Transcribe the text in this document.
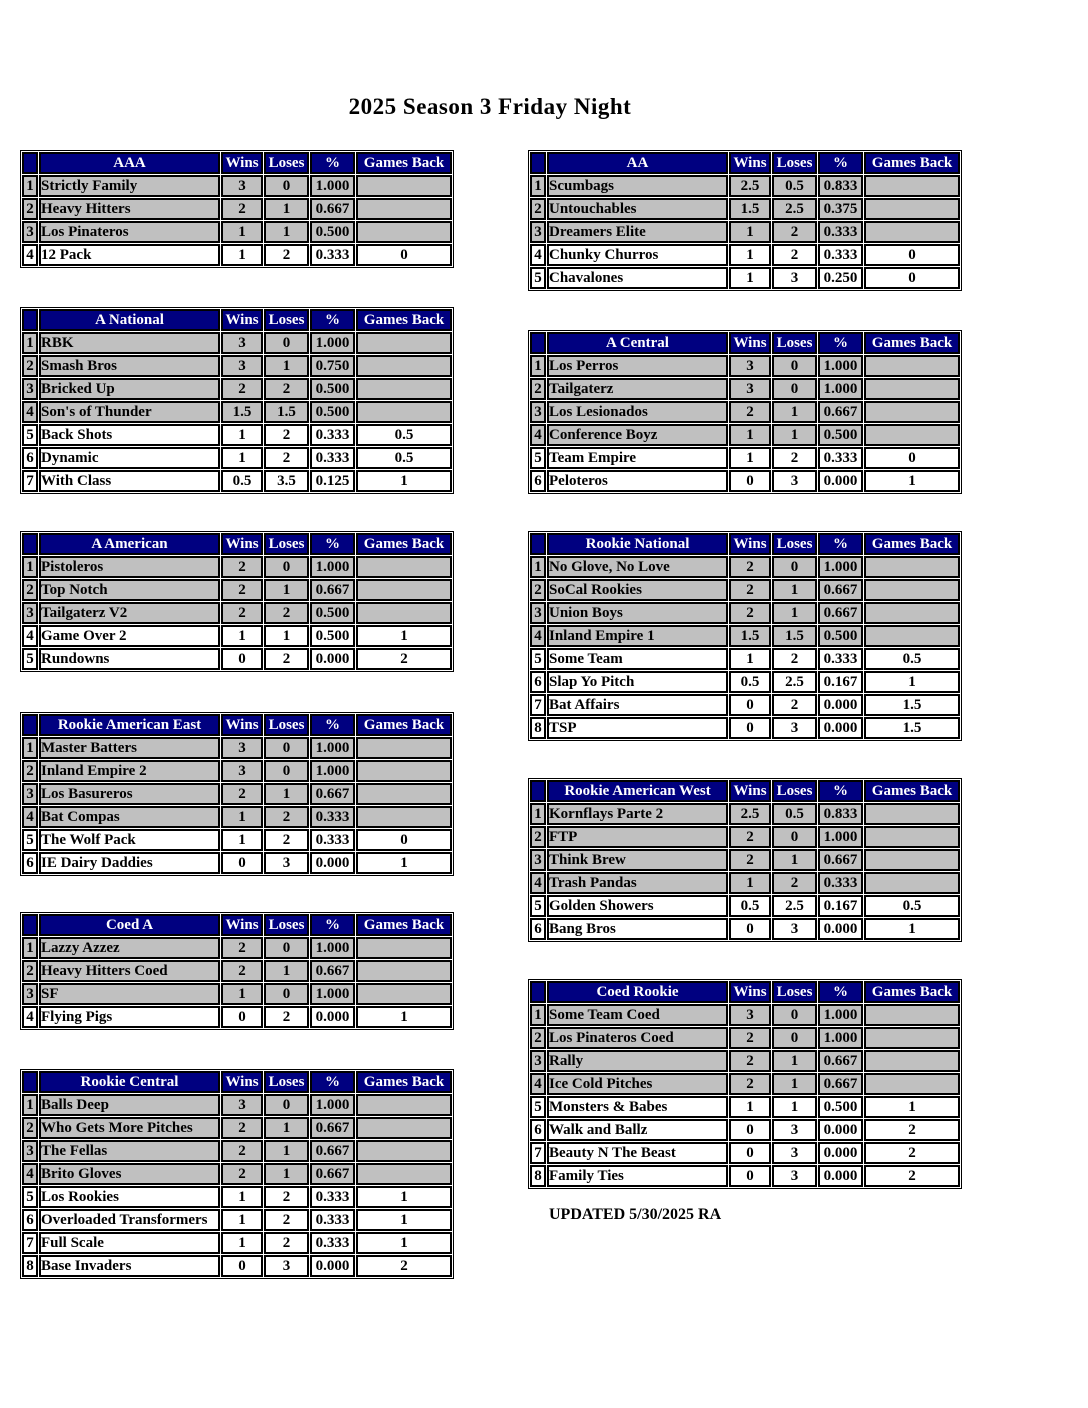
2025 Season 3 Friday Night
	AAA	Wins	Loses	%	Games Back
1	Strictly Family	3	0	1.000	
2	Heavy Hitters	2	1	0.667	
3	Los Pinateros	1	1	0.500	
4	12 Pack	1	2	0.333	0
	AA	Wins	Loses	%	Games Back
1	Scumbags	2.5	0.5	0.833	
2	Untouchables	1.5	2.5	0.375	
3	Dreamers Elite	1	2	0.333	
4	Chunky Churros	1	2	0.333	0
5	Chavalones	1	3	0.250	0
	A National	Wins	Loses	%	Games Back
1	RBK	3	0	1.000	
2	Smash Bros	3	1	0.750	
3	Bricked Up	2	2	0.500	
4	Son's of Thunder	1.5	1.5	0.500	
5	Back Shots	1	2	0.333	0.5
6	Dynamic	1	2	0.333	0.5
7	With Class	0.5	3.5	0.125	1
	A Central	Wins	Loses	%	Games Back
1	Los Perros	3	0	1.000	
2	Tailgaterz	3	0	1.000	
3	Los Lesionados	2	1	0.667	
4	Conference Boyz	1	1	0.500	
5	Team Empire	1	2	0.333	0
6	Peloteros	0	3	0.000	1
	A American	Wins	Loses	%	Games Back
1	Pistoleros	2	0	1.000	
2	Top Notch	2	1	0.667	
3	Tailgaterz V2	2	2	0.500	
4	Game Over 2	1	1	0.500	1
5	Rundowns	0	2	0.000	2
	Rookie National	Wins	Loses	%	Games Back
1	No Glove, No Love	2	0	1.000	
2	SoCal Rookies	2	1	0.667	
3	Union Boys	2	1	0.667	
4	Inland Empire 1	1.5	1.5	0.500	
5	Some Team	1	2	0.333	0.5
6	Slap Yo Pitch	0.5	2.5	0.167	1
7	Bat Affairs	0	2	0.000	1.5
8	TSP	0	3	0.000	1.5
	Rookie American East	Wins	Loses	%	Games Back
1	Master Batters	3	0	1.000	
2	Inland Empire 2	3	0	1.000	
3	Los Basureros	2	1	0.667	
4	Bat Compas	1	2	0.333	
5	The Wolf Pack	1	2	0.333	0
6	IE Dairy Daddies	0	3	0.000	1
	Rookie American West	Wins	Loses	%	Games Back
1	Kornflays Parte 2	2.5	0.5	0.833	
2	FTP	2	0	1.000	
3	Think Brew	2	1	0.667	
4	Trash Pandas	1	2	0.333	
5	Golden Showers	0.5	2.5	0.167	0.5
6	Bang Bros	0	3	0.000	1
	Coed A	Wins	Loses	%	Games Back
1	Lazzy Azzez	2	0	1.000	
2	Heavy Hitters Coed	2	1	0.667	
3	SF	1	0	1.000	
4	Flying Pigs	0	2	0.000	1
	Coed Rookie	Wins	Loses	%	Games Back
1	Some Team Coed	3	0	1.000	
2	Los Pinateros Coed	2	0	1.000	
3	Rally	2	1	0.667	
4	Ice Cold Pitches	2	1	0.667	
5	Monsters & Babes	1	1	0.500	1
6	Walk and Ballz	0	3	0.000	2
7	Beauty N The Beast	0	3	0.000	2
8	Family Ties	0	3	0.000	2
	Rookie Central	Wins	Loses	%	Games Back
1	Balls Deep	3	0	1.000	
2	Who Gets More Pitches	2	1	0.667	
3	The Fellas	2	1	0.667	
4	Brito Gloves	2	1	0.667	
5	Los Rookies	1	2	0.333	1
6	Overloaded Transformers	1	2	0.333	1
7	Full Scale	1	2	0.333	1
8	Base Invaders	0	3	0.000	2
UPDATED 5/30/2025 RA
